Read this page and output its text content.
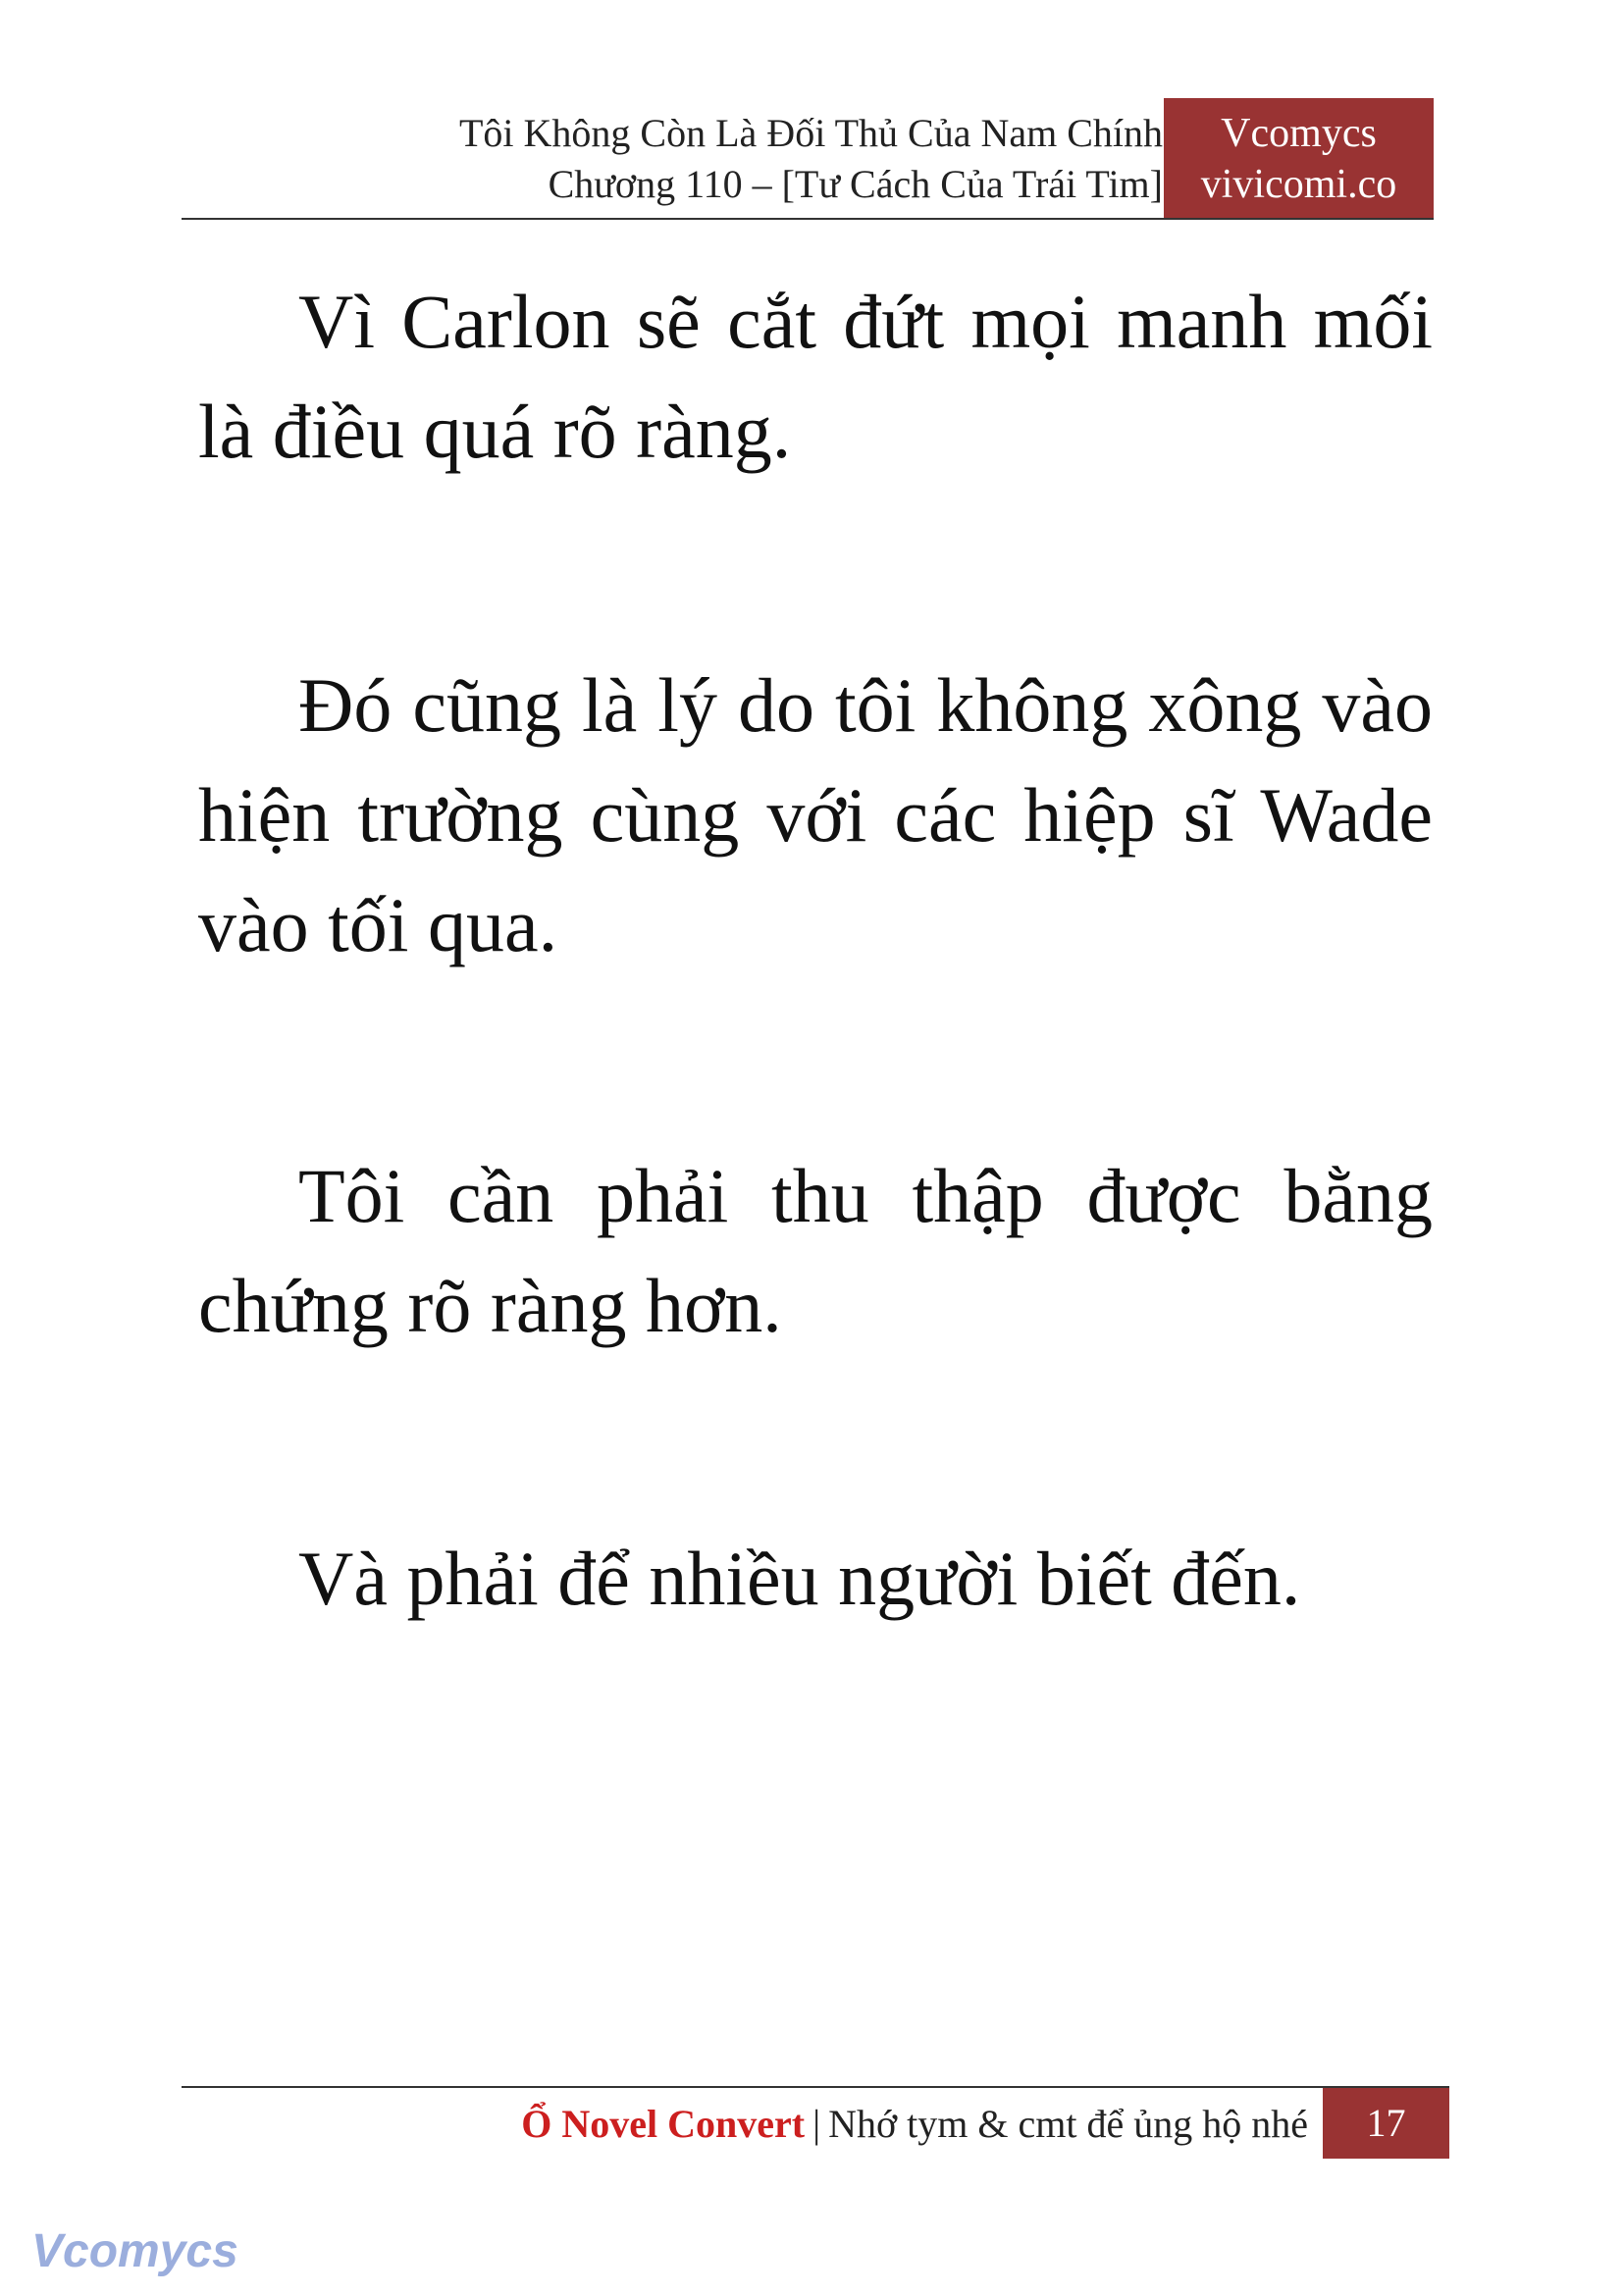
Tôi Không Còn Là Đối Thủ Của Nam Chính
Chương 110 – [Tư Cách Của Trái Tim]
Vcomycs
vivicomi.co

Vì Carlon sẽ cắt đứt mọi manh mối là điều quá rõ ràng.

Đó cũng là lý do tôi không xông vào hiện trường cùng với các hiệp sĩ Wade vào tối qua.

Tôi cần phải thu thập được bằng chứng rõ ràng hơn.

Và phải để nhiều người biết đến.

Ổ Novel Convert | Nhớ tym & cmt để ủng hộ nhé	17
Vcomycs
